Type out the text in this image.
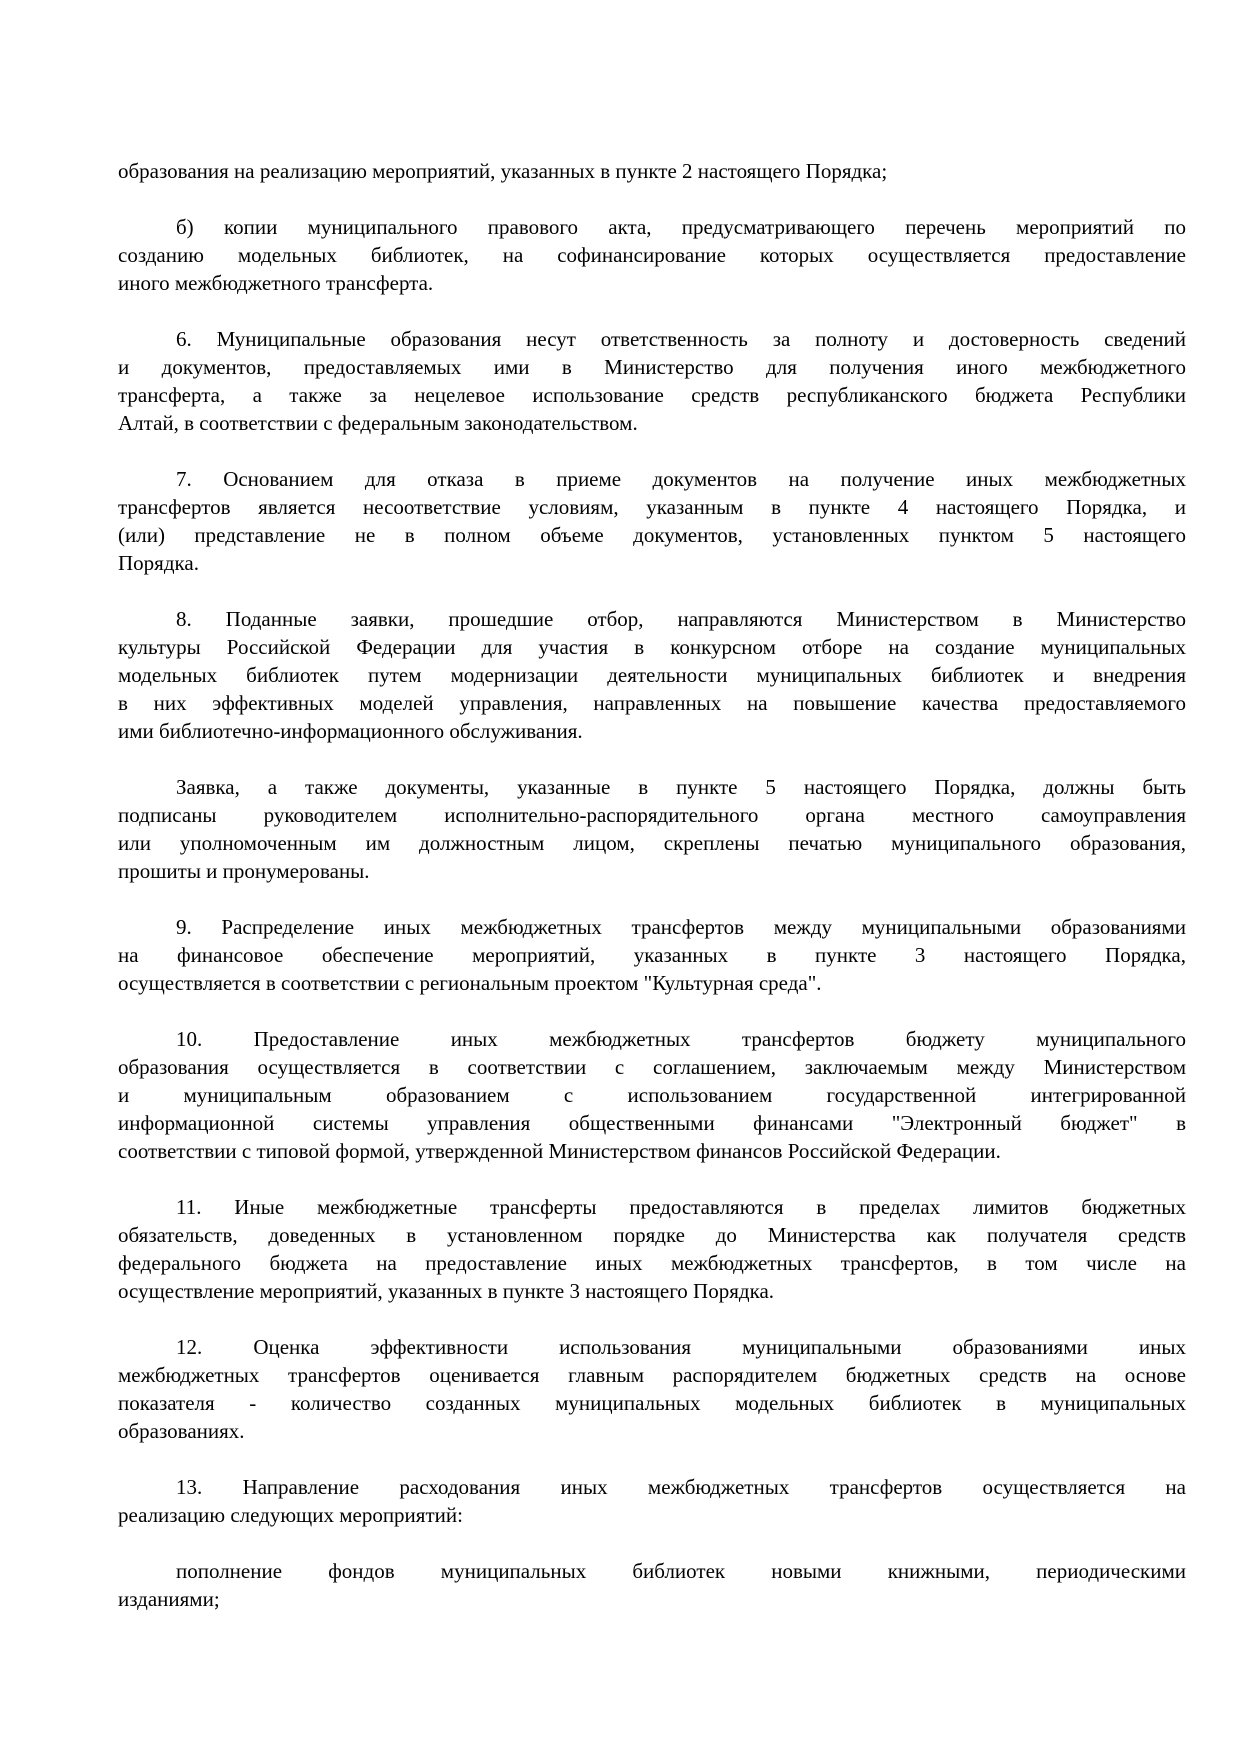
образования на реализацию мероприятий, указанных в пункте 2 настоящего Порядка;
б) копии муниципального правового акта, предусматривающего перечень мероприятий по
созданию модельных библиотек, на софинансирование которых осуществляется предоставление
иного межбюджетного трансферта.
6. Муниципальные образования несут ответственность за полноту и достоверность сведений
и документов, предоставляемых ими в Министерство для получения иного межбюджетного
трансферта, а также за нецелевое использование средств республиканского бюджета Республики
Алтай, в соответствии с федеральным законодательством.
7. Основанием для отказа в приеме документов на получение иных межбюджетных
трансфертов является несоответствие условиям, указанным в пункте 4 настоящего Порядка, и
(или) представление не в полном объеме документов, установленных пунктом 5 настоящего
Порядка.
8. Поданные заявки, прошедшие отбор, направляются Министерством в Министерство
культуры Российской Федерации для участия в конкурсном отборе на создание муниципальных
модельных библиотек путем модернизации деятельности муниципальных библиотек и внедрения
в них эффективных моделей управления, направленных на повышение качества предоставляемого
ими библиотечно-информационного обслуживания.
Заявка, а также документы, указанные в пункте 5 настоящего Порядка, должны быть
подписаны руководителем исполнительно-распорядительного органа местного самоуправления
или уполномоченным им должностным лицом, скреплены печатью муниципального образования,
прошиты и пронумерованы.
9. Распределение иных межбюджетных трансфертов между муниципальными образованиями
на финансовое обеспечение мероприятий, указанных в пункте 3 настоящего Порядка,
осуществляется в соответствии с региональным проектом "Культурная среда".
10. Предоставление иных межбюджетных трансфертов бюджету муниципального
образования осуществляется в соответствии с соглашением, заключаемым между Министерством
и муниципальным образованием с использованием государственной интегрированной
информационной системы управления общественными финансами "Электронный бюджет" в
соответствии с типовой формой, утвержденной Министерством финансов Российской Федерации.
11. Иные межбюджетные трансферты предоставляются в пределах лимитов бюджетных
обязательств, доведенных в установленном порядке до Министерства как получателя средств
федерального бюджета на предоставление иных межбюджетных трансфертов, в том числе на
осуществление мероприятий, указанных в пункте 3 настоящего Порядка.
12. Оценка эффективности использования муниципальными образованиями иных
межбюджетных трансфертов оценивается главным распорядителем бюджетных средств на основе
показателя - количество созданных муниципальных модельных библиотек в муниципальных
образованиях.
13. Направление расходования иных межбюджетных трансфертов осуществляется на
реализацию следующих мероприятий:
пополнение фондов муниципальных библиотек новыми книжными, периодическими
изданиями;
